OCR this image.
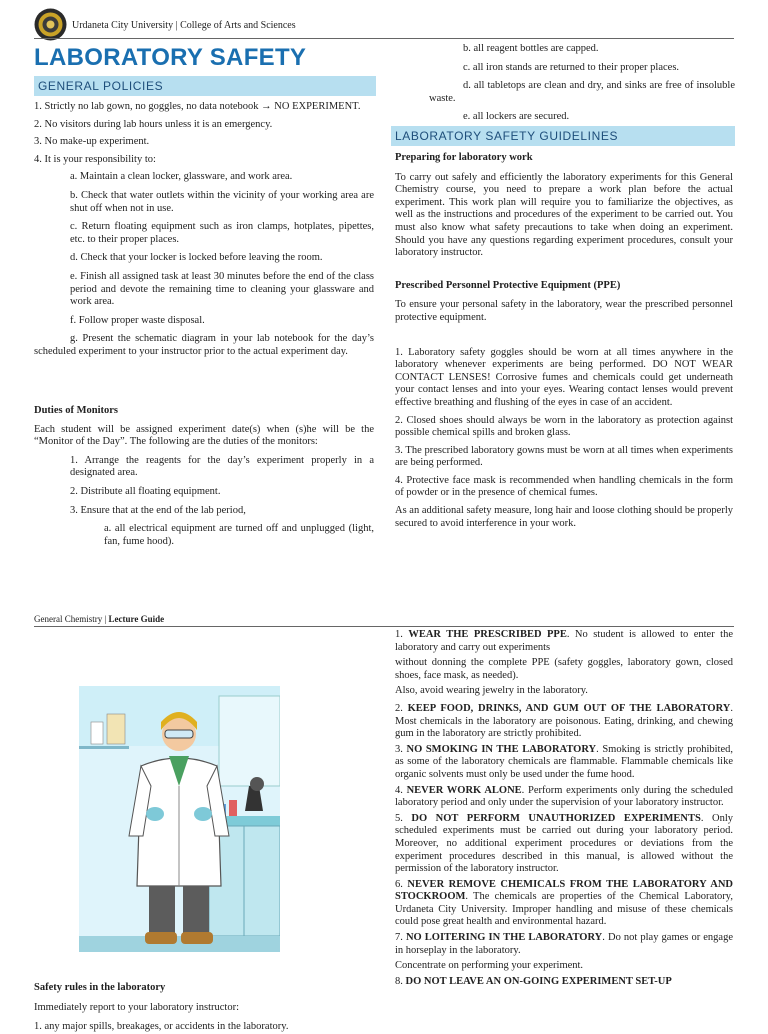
Urdaneta City University | College of Arts and Sciences
LABORATORY SAFETY
GENERAL POLICIES

1. Strictly no lab gown, no goggles, no data notebook → NO EXPERIMENT.

2. No visitors during lab hours unless it is an emergency.

3. No make-up experiment.

4. It is your responsibility to:

a. Maintain a clean locker, glassware, and work area.

b. Check that water outlets within the vicinity of your working area are shut off when not in use.

c. Return floating equipment such as iron clamps, hotplates, pipettes, etc. to their proper places.

d. Check that your locker is locked before leaving the room.

e. Finish all assigned task at least 30 minutes before the end of the class period and devote the remaining time to cleaning your glassware and work area.

f. Follow proper waste disposal.

g. Present the schematic diagram in your lab notebook for the day’s scheduled experiment to your instructor prior to the actual experiment day.

Duties of Monitors

Each student will be assigned experiment date(s) when (s)he will be the “Monitor of the Day”. The following are the duties of the monitors:

1. Arrange the reagents for the day’s experiment properly in a designated area.

2. Distribute all floating equipment.

3. Ensure that at the end of the lab period,

a. all electrical equipment are turned off and unplugged (light, fan, fume hood).

b. all reagent bottles are capped.

c. all iron stands are returned to their proper places.

d. all tabletops are clean and dry, and sinks are free of insoluble waste.

e. all lockers are secured.

LABORATORY SAFETY GUIDELINES

Preparing for laboratory work

To carry out safely and efficiently the laboratory experiments for this General Chemistry course, you need to prepare a work plan before the actual experiment. This work plan will require you to familiarize the objectives, as well as the instructions and procedures of the experiment to be carried out. You must also know what safety precautions to take when doing an experiment. Should you have any questions regarding experiment procedures, consult your laboratory instructor.

Prescribed Personnel Protective Equipment (PPE)

To ensure your personal safety in the laboratory, wear the prescribed personnel protective equipment.

1. Laboratory safety goggles should be worn at all times anywhere in the laboratory whenever experiments are being performed. DO NOT WEAR CONTACT LENSES! Corrosive fumes and chemicals could get underneath your contact lenses and into your eyes. Wearing contact lenses would prevent effective breathing and flushing of the eyes in case of an accident.

2. Closed shoes should always be worn in the laboratory as protection against possible chemical spills and broken glass.

3. The prescribed laboratory gowns must be worn at all times when experiments are being performed.

4. Protective face mask is recommended when handling chemicals in the form of powder or in the presence of chemical fumes.

As an additional safety measure, long hair and loose clothing should be properly secured to avoid interference in your work.

General Chemistry | Lecture Guide

Safety rules in the laboratory

Immediately report to your laboratory instructor:

1. any major spills, breakages, or accidents in the laboratory.

1. WEAR THE PRESCRIBED PPE. No student is allowed to enter the laboratory and carry out experiments

without donning the complete PPE (safety goggles, laboratory gown, closed shoes, face mask, as needed).

Also, avoid wearing jewelry in the laboratory.

2. KEEP FOOD, DRINKS, AND GUM OUT OF THE LABORATORY. Most chemicals in the laboratory are poisonous. Eating, drinking, and chewing gum in the laboratory are strictly prohibited.

3. NO SMOKING IN THE LABORATORY. Smoking is strictly prohibited, as some of the laboratory chemicals are flammable. Flammable chemicals like organic solvents must only be used under the fume hood.

4. NEVER WORK ALONE. Perform experiments only during the scheduled laboratory period and only under the supervision of your laboratory instructor.

5. DO NOT PERFORM UNAUTHORIZED EXPERIMENTS. Only scheduled experiments must be carried out during your laboratory period. Moreover, no additional experiment procedures or deviations from the experiment procedures described in this manual, is allowed without the permission of the laboratory instructor.

6. NEVER REMOVE CHEMICALS FROM THE LABORATORY AND STOCKROOM. The chemicals are properties of the Chemical Laboratory, Urdaneta City University. Improper handling and misuse of these chemicals could pose great health and environmental hazard.

7. NO LOITERING IN THE LABORATORY. Do not play games or engage in horseplay in the laboratory.

Concentrate on performing your experiment.

8. DO NOT LEAVE AN ON-GOING EXPERIMENT SET-UP
